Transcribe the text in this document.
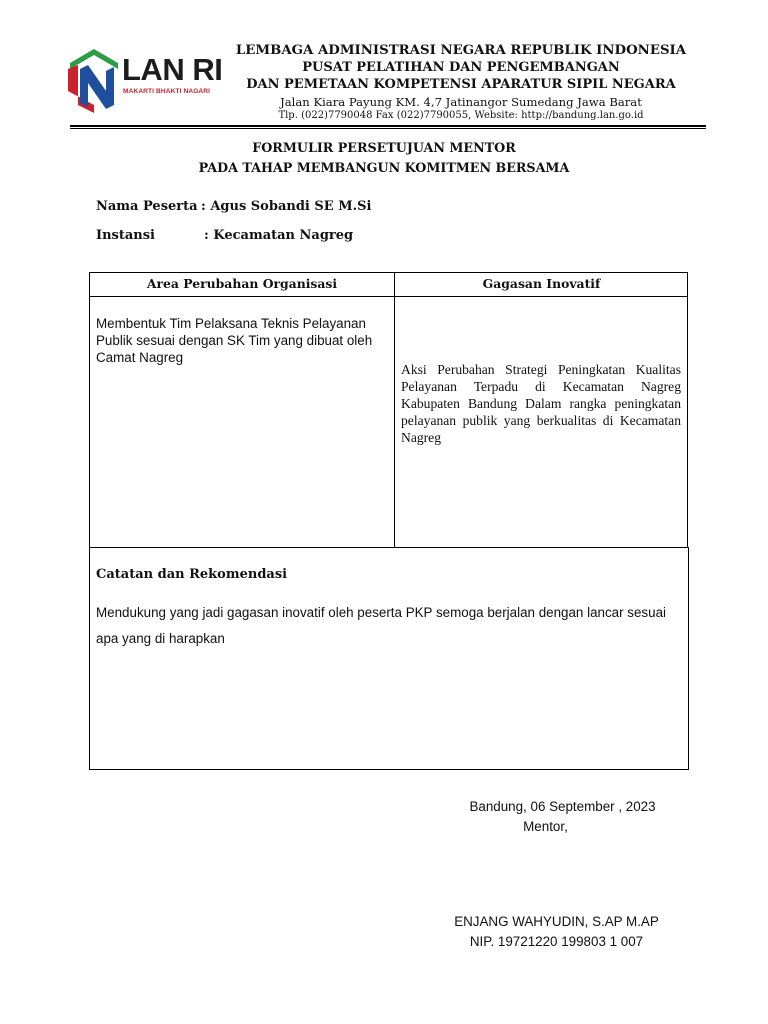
LAN RI
MAKARTI BHAKTI NAGARI
LEMBAGA ADMINISTRASI NEGARA REPUBLIK INDONESIA
PUSAT PELATIHAN DAN PENGEMBANGAN
DAN PEMETAAN KOMPETENSI APARATUR SIPIL NEGARA
Jalan Kiara Payung KM. 4,7 Jatinangor Sumedang Jawa Barat
Tlp. (022)7790048 Fax (022)7790055, Website: http://bandung.lan.go.id
FORMULIR PERSETUJUAN MENTOR
PADA TAHAP MEMBANGUN KOMITMEN BERSAMA
Nama Peserta : Agus Sobandi SE M.Si
Instansi	: Kecamatan Nagreg
Area Perubahan Organisasi	Gagasan Inovatif
Membentuk Tim Pelaksana Teknis Pelayanan Publik sesuai dengan SK Tim yang dibuat oleh Camat Nagreg
Aksi Perubahan Strategi Peningkatan Kualitas Pelayanan Terpadu di Kecamatan Nagreg Kabupaten Bandung Dalam rangka peningkatan pelayanan publik yang berkualitas di Kecamatan Nagreg
Catatan dan Rekomendasi
Mendukung yang jadi gagasan inovatif oleh peserta PKP semoga berjalan dengan lancar sesuai apa yang di harapkan
Bandung, 06 September , 2023
Mentor,
ENJANG WAHYUDIN, S.AP M.AP
NIP. 19721220 199803 1 007
